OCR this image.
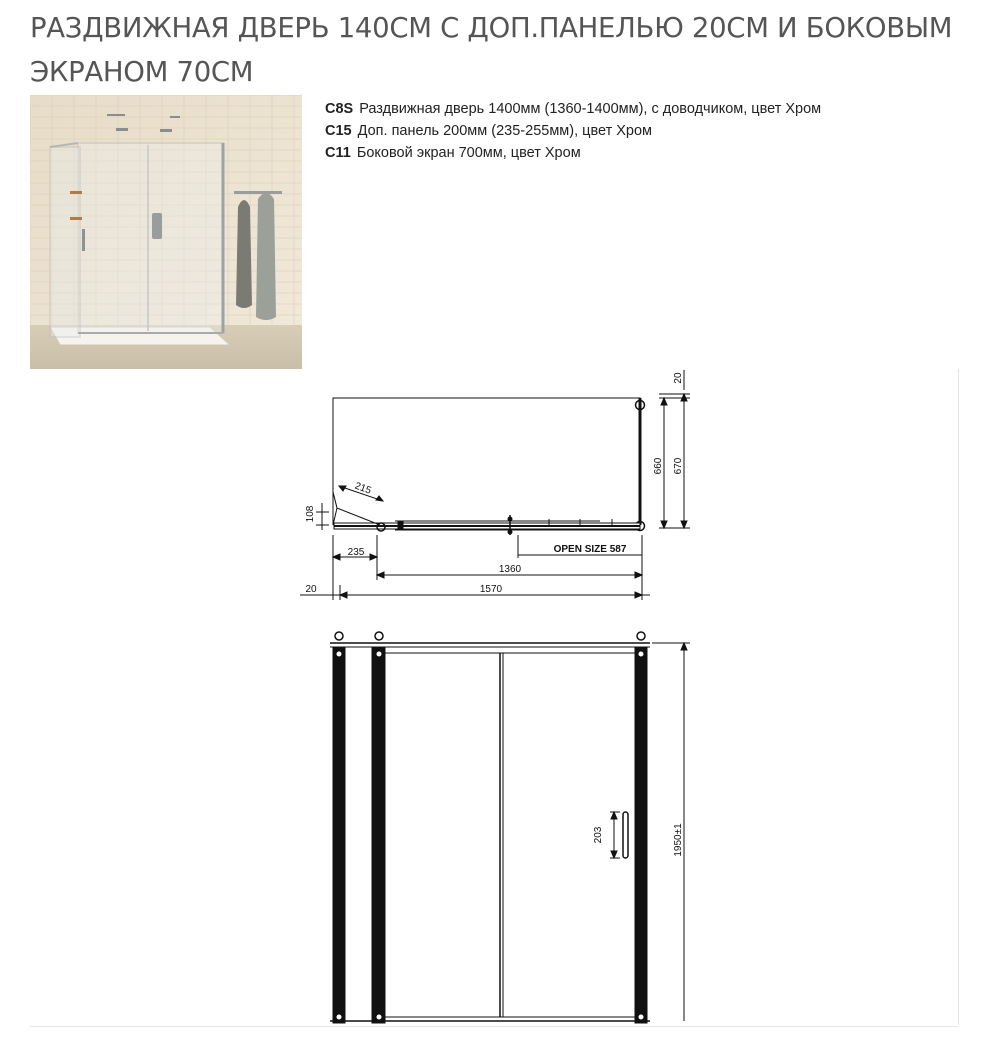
РАЗДВИЖНАЯ ДВЕРЬ 140СМ С ДОП.ПАНЕЛЬЮ 20СМ И БОКОВЫМ ЭКРАНОМ 70СМ
C8S Раздвижная дверь 1400мм (1360-1400мм), с доводчиком, цвет Хром
C15 Доп. панель 200мм (235-255мм), цвет Хром
C11 Боковой экран 700мм, цвет Хром
20
660 670
215
108
OPEN SIZE 587
235
1360
20	1570
203	1950±1
